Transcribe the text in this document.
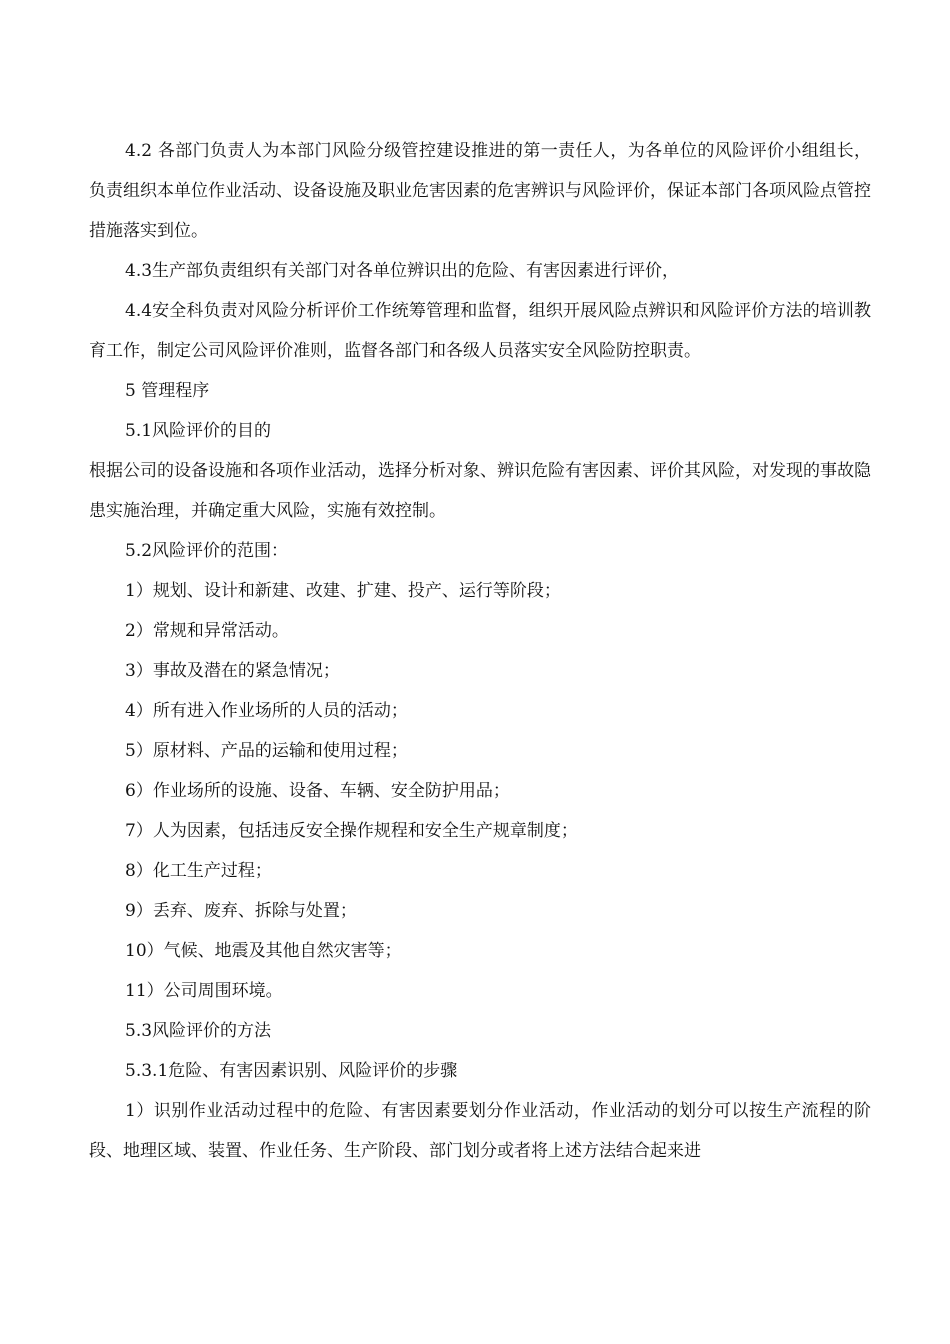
4.2 各部门负责人为本部门风险分级管控建设推进的第一责任人，为各单位的风险评价小组组长，负责组织本单位作业活动、设备设施及职业危害因素的危害辨识与风险评价，保证本部门各项风险点管控措施落实到位。

4.3生产部负责组织有关部门对各单位辨识出的危险、有害因素进行评价，

4.4安全科负责对风险分析评价工作统筹管理和监督，组织开展风险点辨识和风险评价方法的培训教育工作，制定公司风险评价准则，监督各部门和各级人员落实安全风险防控职责。

5 管理程序

5.1风险评价的目的

根据公司的设备设施和各项作业活动，选择分析对象、辨识危险有害因素、评价其风险，对发现的事故隐患实施治理，并确定重大风险，实施有效控制。

5.2风险评价的范围：

1）规划、设计和新建、改建、扩建、投产、运行等阶段；

2）常规和异常活动。

3）事故及潜在的紧急情况；

4）所有进入作业场所的人员的活动；

5）原材料、产品的运输和使用过程；

6）作业场所的设施、设备、车辆、安全防护用品；

7）人为因素，包括违反安全操作规程和安全生产规章制度；

8）化工生产过程；

9）丢弃、废弃、拆除与处置；

10）气候、地震及其他自然灾害等；

11）公司周围环境。

5.3风险评价的方法

5.3.1危险、有害因素识别、风险评价的步骤

1）识别作业活动过程中的危险、有害因素要划分作业活动，作业活动的划分可以按生产流程的阶段、地理区域、装置、作业任务、生产阶段、部门划分或者将上述方法结合起来进
